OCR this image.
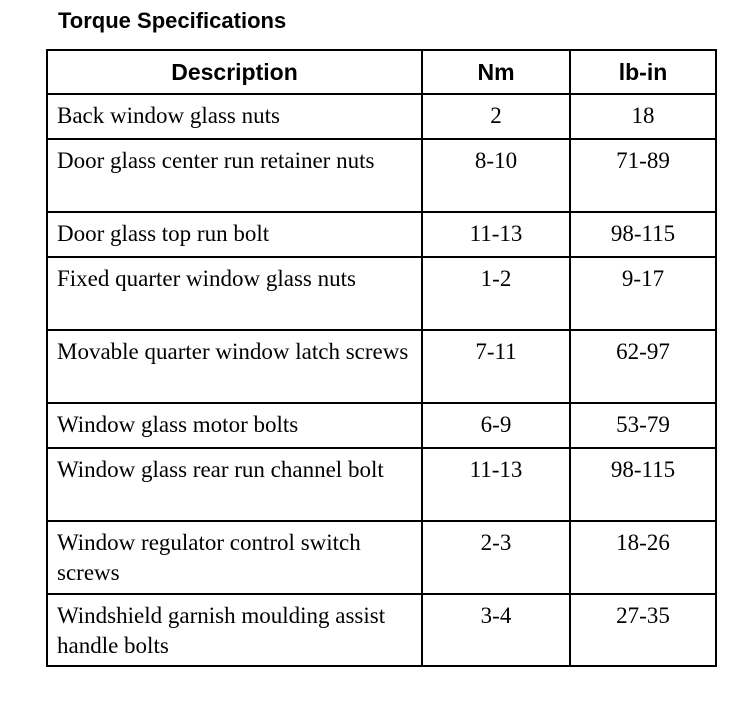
Torque Specifications
Description	Nm	lb-in
Back window glass nuts	2	18
Door glass center run retainer nuts	8-10	71-89
Door glass top run bolt	11-13	98-115
Fixed quarter window glass nuts	1-2	9-17
Movable quarter window latch screws	7-11	62-97
Window glass motor bolts	6-9	53-79
Window glass rear run channel bolt	11-13	98-115
Window regulator control switch screws	2-3	18-26
Windshield garnish moulding assist handle bolts	3-4	27-35
